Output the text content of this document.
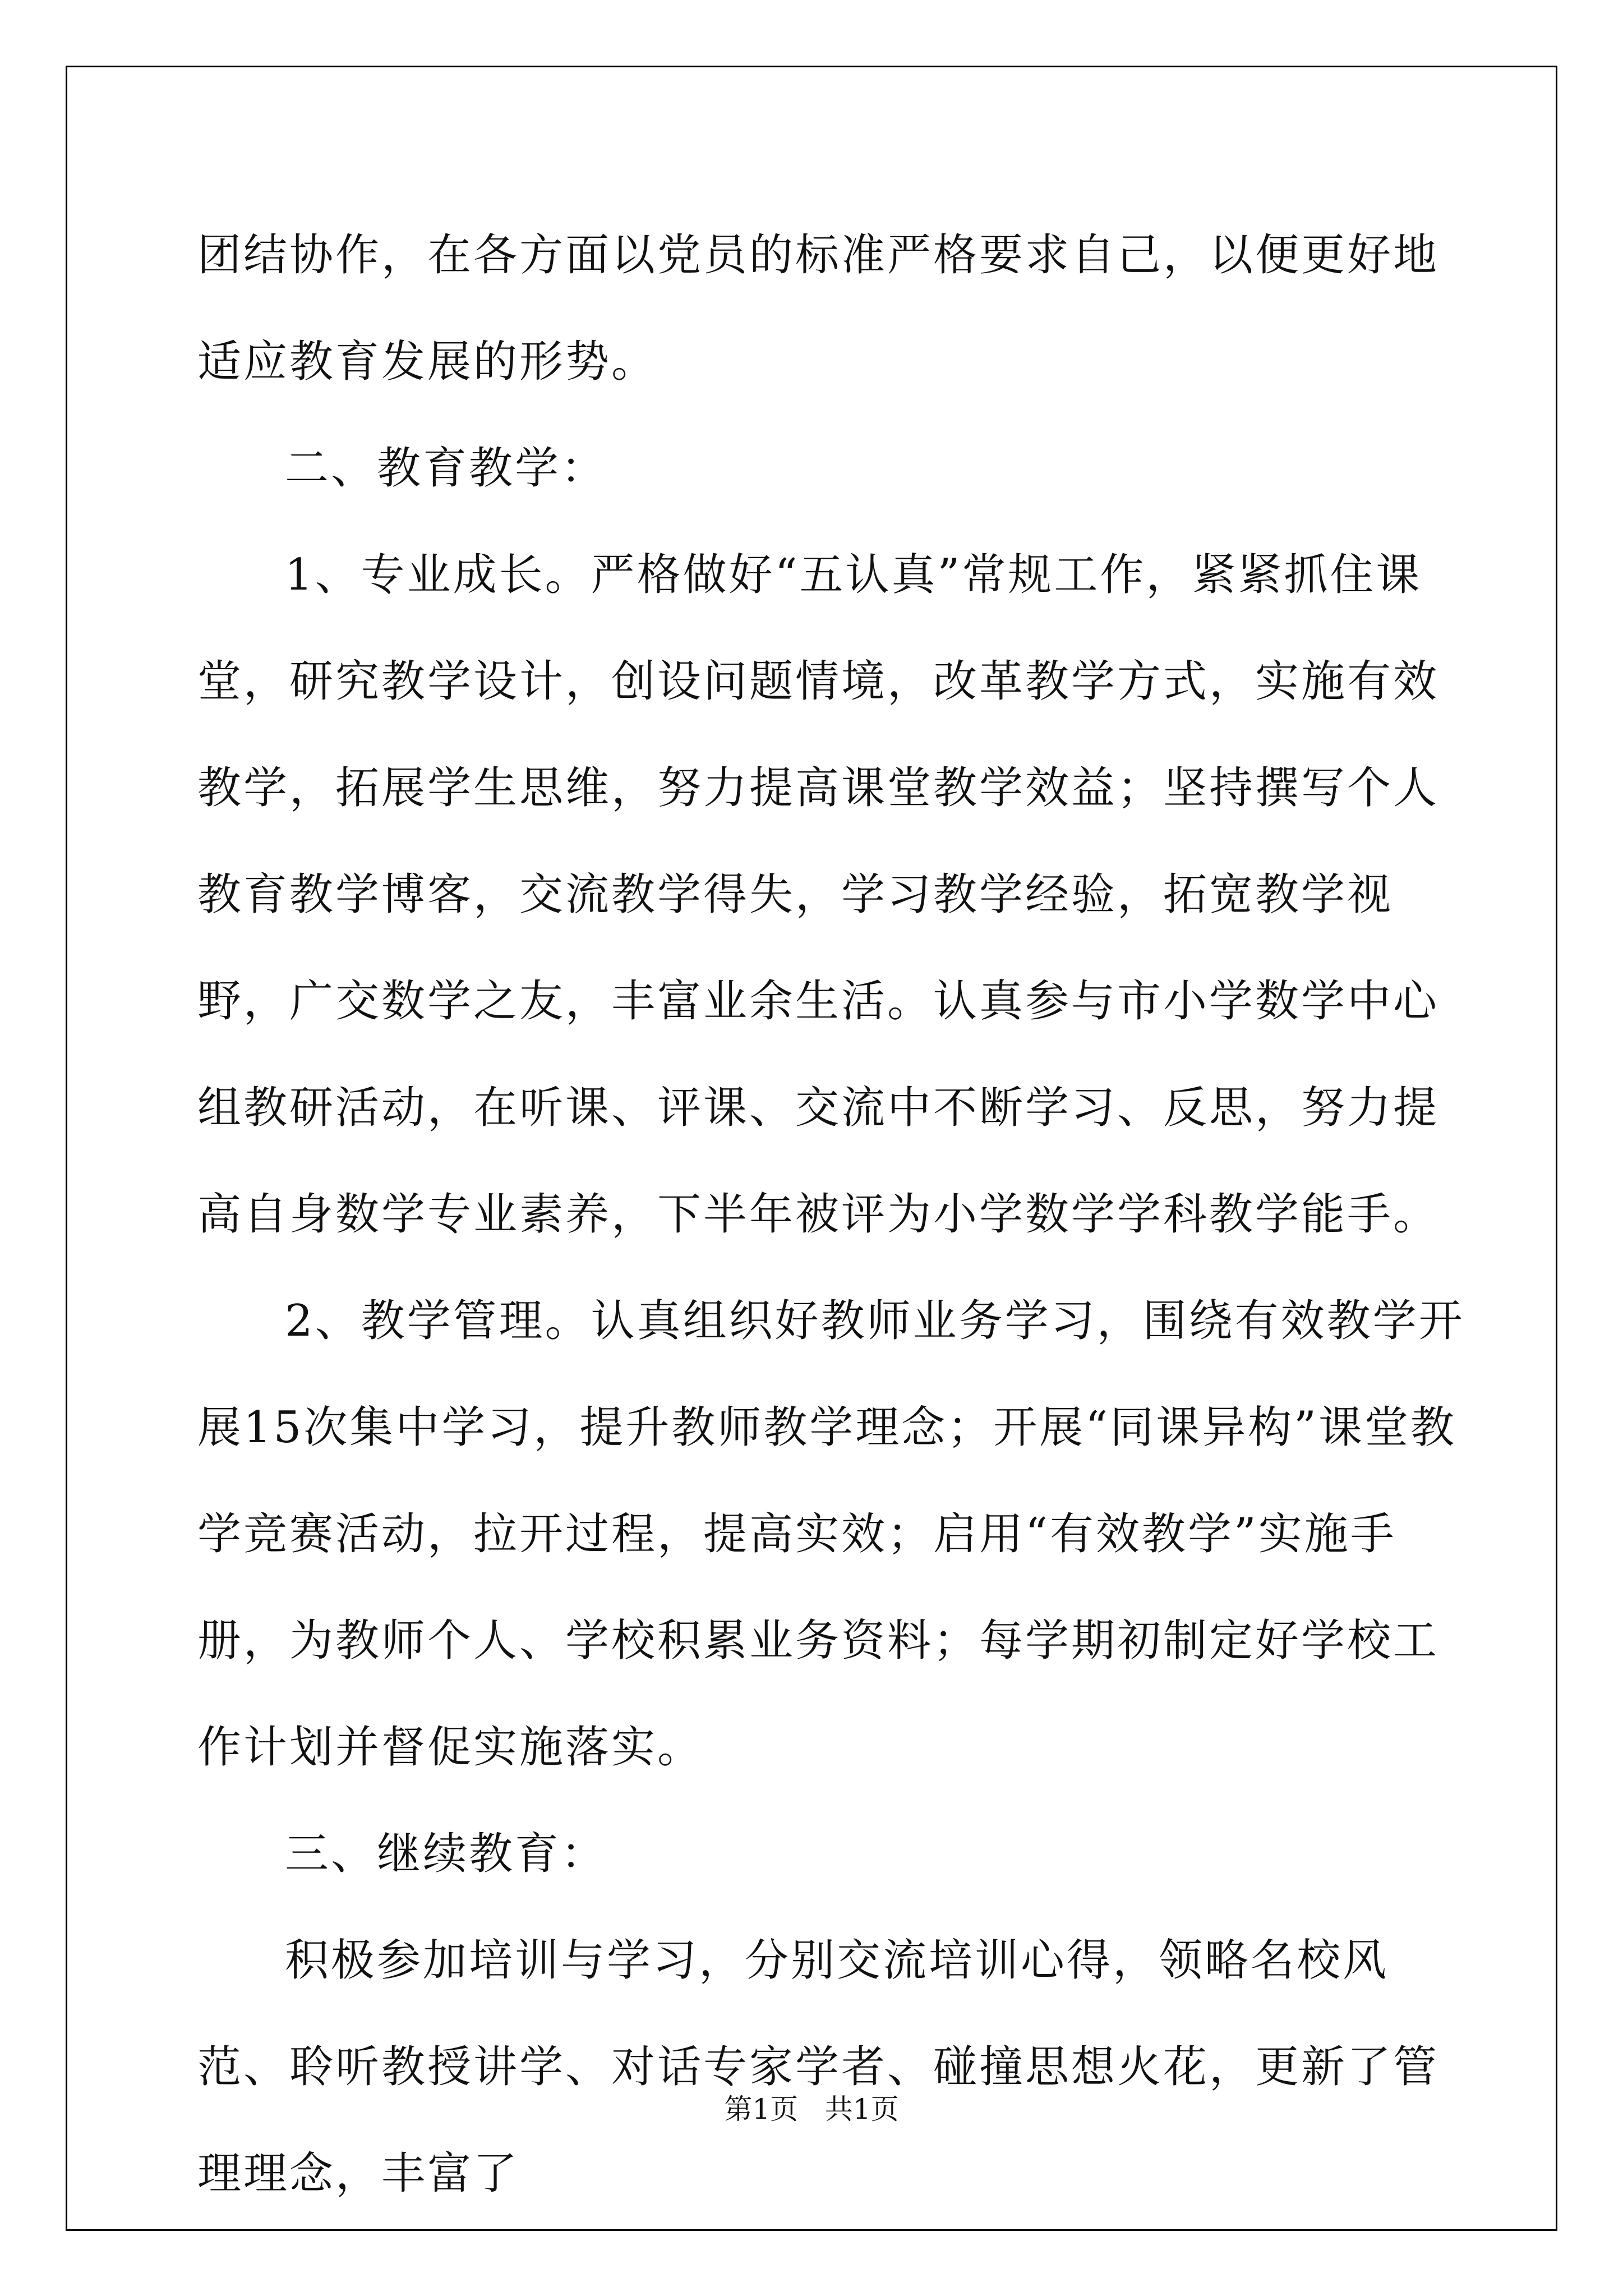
团结协作，在各方面以党员的标准严格要求自己，以便更好地适应教育发展的形势。

二、教育教学：

1、专业成长。严格做好“五认真”常规工作，紧紧抓住课堂，研究教学设计，创设问题情境，改革教学方式，实施有效教学，拓展学生思维，努力提高课堂教学效益；坚持撰写个人教育教学博客，交流教学得失，学习教学经验，拓宽教学视野，广交数学之友，丰富业余生活。认真参与市小学数学中心组教研活动，在听课、评课、交流中不断学习、反思，努力提高自身数学专业素养，下半年被评为小学数学学科教学能手。

2、教学管理。认真组织好教师业务学习，围绕有效教学开展15次集中学习，提升教师教学理念；开展“同课异构”课堂教学竞赛活动，拉开过程，提高实效；启用“有效教学”实施手册，为教师个人、学校积累业务资料；每学期初制定好学校工作计划并督促实施落实。

三、继续教育：

积极参加培训与学习，分别交流培训心得，领略名校风范、聆听教授讲学、对话专家学者、碰撞思想火花，更新了管理理念，丰富了

第1页 共1页
